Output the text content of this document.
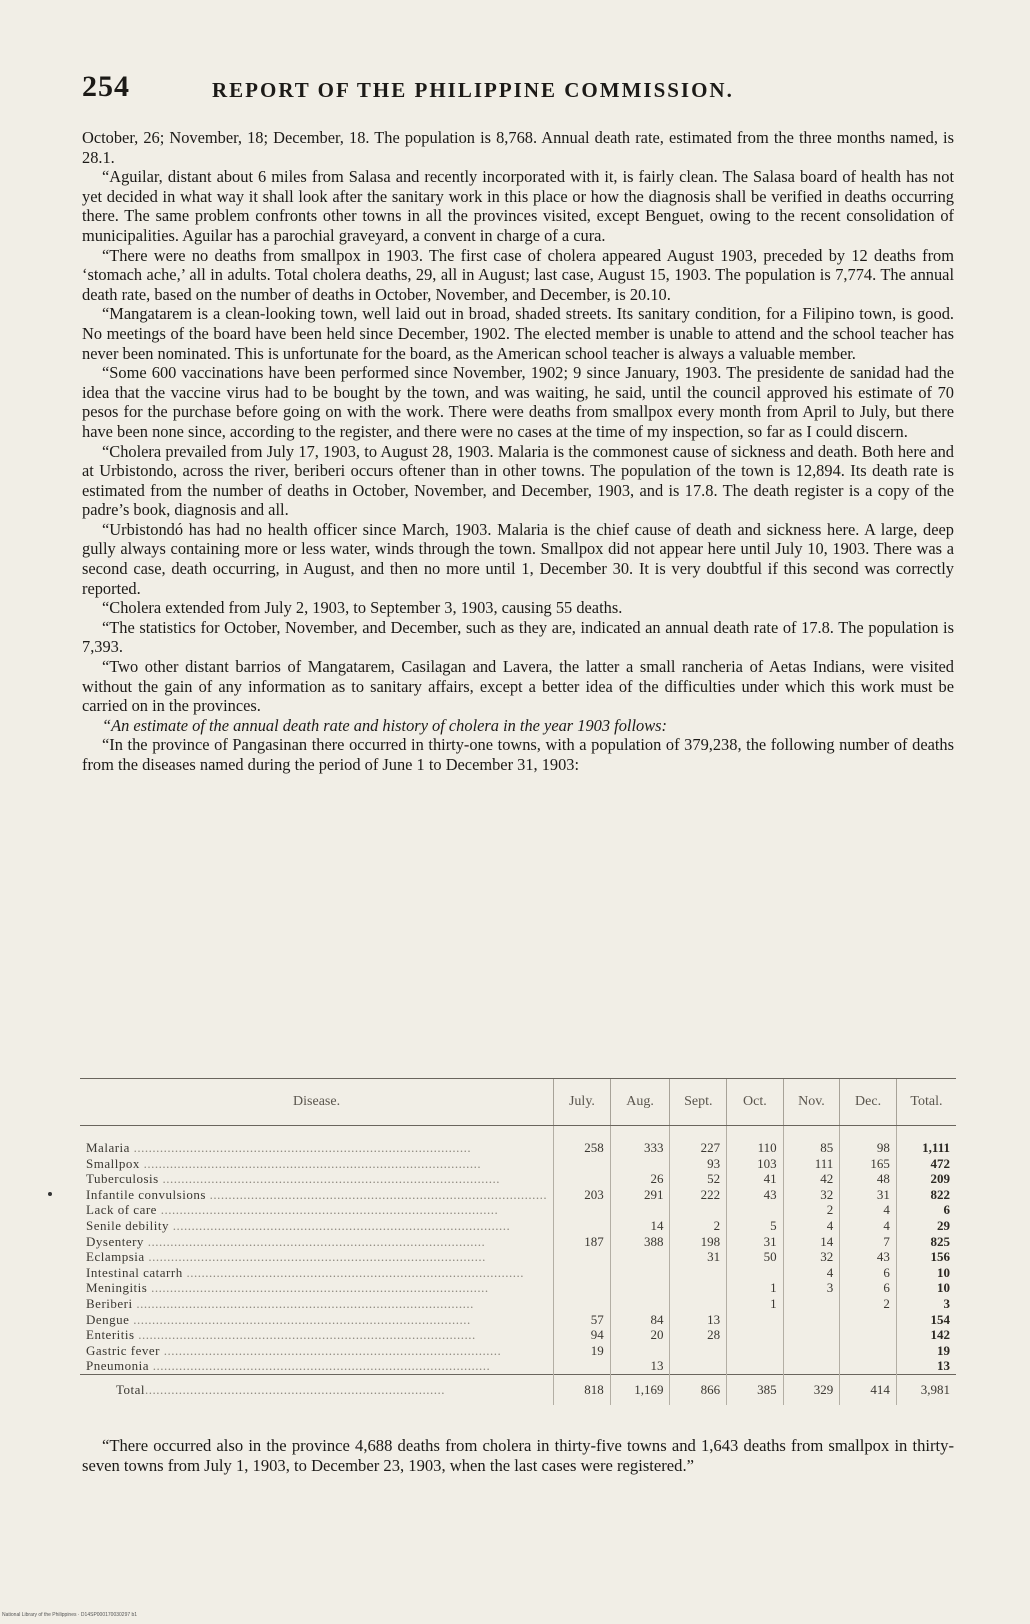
254	REPORT OF THE PHILIPPINE COMMISSION.

October, 26; November, 18; December, 18. The population is 8,768. Annual death rate, estimated from the three months named, is 28.1.

“Aguilar, distant about 6 miles from Salasa and recently incorporated with it, is fairly clean. The Salasa board of health has not yet decided in what way it shall look after the sanitary work in this place or how the diagnosis shall be verified in deaths occurring there. The same problem confronts other towns in all the provinces visited, except Benguet, owing to the recent consolidation of municipalities. Aguilar has a parochial graveyard, a convent in charge of a cura.

“There were no deaths from smallpox in 1903. The first case of cholera appeared August 1903, preceded by 12 deaths from ‘stomach ache,’ all in adults. Total cholera deaths, 29, all in August; last case, August 15, 1903. The population is 7,774. The annual death rate, based on the number of deaths in October, November, and December, is 20.10.

“Mangatarem is a clean-looking town, well laid out in broad, shaded streets. Its sanitary condition, for a Filipino town, is good. No meetings of the board have been held since December, 1902. The elected member is unable to attend and the school teacher has never been nominated. This is unfortunate for the board, as the American school teacher is always a valuable member.

“Some 600 vaccinations have been performed since November, 1902; 9 since January, 1903. The presidente de sanidad had the idea that the vaccine virus had to be bought by the town, and was waiting, he said, until the council approved his estimate of 70 pesos for the purchase before going on with the work. There were deaths from smallpox every month from April to July, but there have been none since, according to the register, and there were no cases at the time of my inspection, so far as I could discern.

“Cholera prevailed from July 17, 1903, to August 28, 1903. Malaria is the commonest cause of sickness and death. Both here and at Urbistondo, across the river, beriberi occurs oftener than in other towns. The population of the town is 12,894. Its death rate is estimated from the number of deaths in October, November, and December, 1903, and is 17.8. The death register is a copy of the padre’s book, diagnosis and all.

“Urbistondó has had no health officer since March, 1903. Malaria is the chief cause of death and sickness here. A large, deep gully always containing more or less water, winds through the town. Smallpox did not appear here until July 10, 1903. There was a second case, death occurring, in August, and then no more until 1, December 30. It is very doubtful if this second was correctly reported.

“Cholera extended from July 2, 1903, to September 3, 1903, causing 55 deaths.

“The statistics for October, November, and December, such as they are, indicated an annual death rate of 17.8. The population is 7,393.

“Two other distant barrios of Mangatarem, Casilagan and Lavera, the latter a small rancheria of Aetas Indians, were visited without the gain of any information as to sanitary affairs, except a better idea of the difficulties under which this work must be carried on in the provinces.

“An estimate of the annual death rate and history of cholera in the year 1903 follows:

“In the province of Pangasinan there occurred in thirty-one towns, with a population of 379,238, the following number of deaths from the diseases named during the period of June 1 to December 31, 1903:

Disease.	July.	Aug.	Sept.	Oct.	Nov.	Dec.	Total.
Malaria ..........................................................................................	258	333	227	110	85	98	1,111
Smallpox ..........................................................................................			93	103	111	165	472
Tuberculosis ..........................................................................................		26	52	41	42	48	209
Infantile convulsions ..........................................................................................	203	291	222	43	32	31	822
Lack of care ..........................................................................................					2	4	6
Senile debility ..........................................................................................		14	2	5	4	4	29
Dysentery ..........................................................................................	187	388	198	31	14	7	825
Eclampsia ..........................................................................................			31	50	32	43	156
Intestinal catarrh ..........................................................................................					4	6	10
Meningitis ..........................................................................................				1	3	6	10
Beriberi ..........................................................................................				1		2	3
Dengue ..........................................................................................	57	84	13				154
Enteritis ..........................................................................................	94	20	28				142
Gastric fever ..........................................................................................	19						19
Pneumonia ..........................................................................................		13					13
Total................................................................................	818	1,169	866	385	329	414	3,981

“There occurred also in the province 4,688 deaths from cholera in thirty-five towns and 1,643 deaths from smallpox in thirty-seven towns from July 1, 1903, to December 23, 1903, when the last cases were registered.”

National Library of the Philippines · D14SP000170030297 b1
